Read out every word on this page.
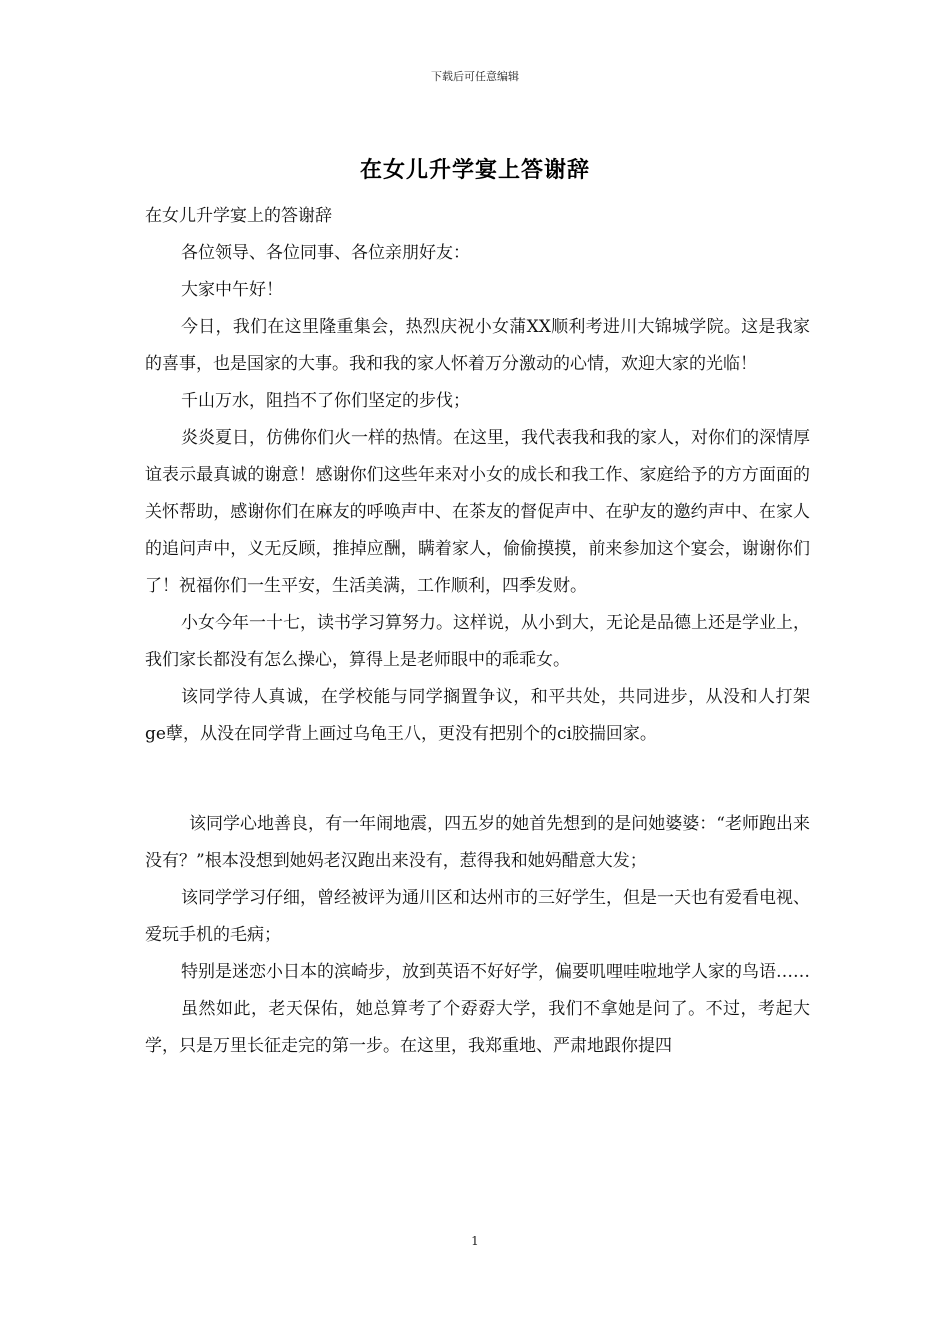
下载后可任意编辑
在女儿升学宴上答谢辞

在女儿升学宴上的答谢辞

各位领导、各位同事、各位亲朋好友：

大家中午好！

今日，我们在这里隆重集会，热烈庆祝小女蒲XX顺利考进川大锦城学院。这是我家的喜事，也是国家的大事。我和我的家人怀着万分激动的心情，欢迎大家的光临！

千山万水，阻挡不了你们坚定的步伐；

炎炎夏日，仿佛你们火一样的热情。在这里，我代表我和我的家人，对你们的深情厚谊表示最真诚的谢意！感谢你们这些年来对小女的成长和我工作、家庭给予的方方面面的关怀帮助，感谢你们在麻友的呼唤声中、在茶友的督促声中、在驴友的邀约声中、在家人的追问声中，义无反顾，推掉应酬，瞒着家人，偷偷摸摸，前来参加这个宴会，谢谢你们了！祝福你们一生平安，生活美满，工作顺利，四季发财。

小女今年一十七，读书学习算努力。这样说，从小到大，无论是品德上还是学业上，我们家长都没有怎么操心，算得上是老师眼中的乖乖女。

该同学待人真诚，在学校能与同学搁置争议，和平共处，共同进步，从没和人打架ge孽，从没在同学背上画过乌龟王八，更没有把别个的ci胶揣回家。

该同学心地善良，有一年闹地震，四五岁的她首先想到的是问她婆婆：“老师跑出来没有？”根本没想到她妈老汉跑出来没有，惹得我和她妈醋意大发；

该同学学习仔细，曾经被评为通川区和达州市的三好学生，但是一天也有爱看电视、爱玩手机的毛病；

特别是迷恋小日本的滨崎步，放到英语不好好学，偏要叽哩哇啦地学人家的鸟语……

虽然如此，老天保佑，她总算考了个孬孬大学，我们不拿她是问了。不过，考起大学，只是万里长征走完的第一步。在这里，我郑重地、严肃地跟你提四

1
